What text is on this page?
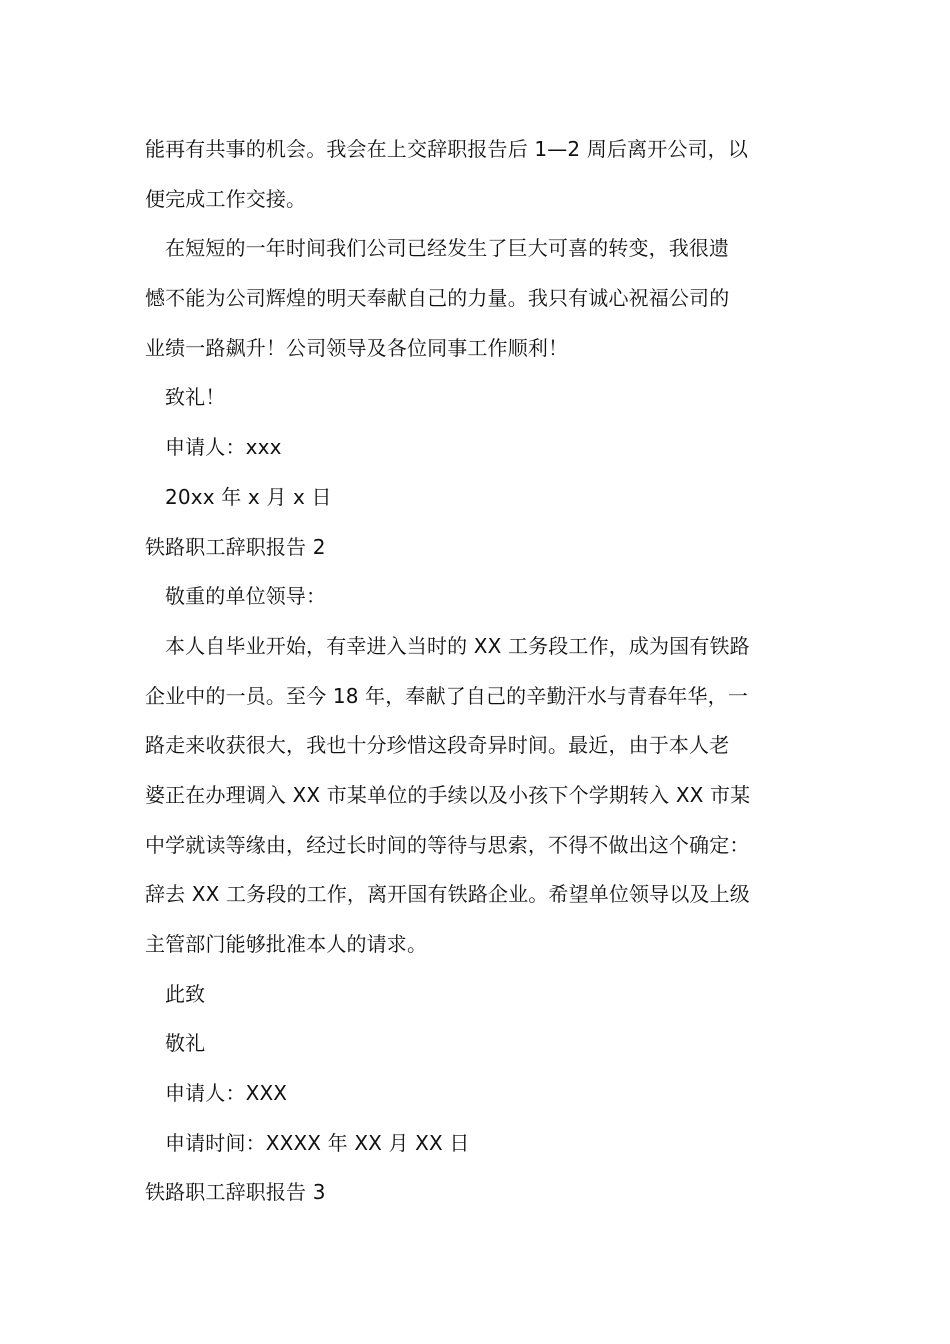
能再有共事的机会。我会在上交辞职报告后 1—2 周后离开公司，以
便完成工作交接。
在短短的一年时间我们公司已经发生了巨大可喜的转变，我很遗
憾不能为公司辉煌的明天奉献自己的力量。我只有诚心祝福公司的
业绩一路飙升！公司领导及各位同事工作顺利！
致礼！
申请人：xxx
20xx 年 x 月 x 日
铁路职工辞职报告 2
敬重的单位领导：
本人自毕业开始，有幸进入当时的 XX 工务段工作，成为国有铁路
企业中的一员。至今 18 年，奉献了自己的辛勤汗水与青春年华，一
路走来收获很大，我也十分珍惜这段奇异时间。最近，由于本人老
婆正在办理调入 XX 市某单位的手续以及小孩下个学期转入 XX 市某
中学就读等缘由，经过长时间的等待与思索，不得不做出这个确定：
辞去 XX 工务段的工作，离开国有铁路企业。希望单位领导以及上级
主管部门能够批准本人的请求。
此致
敬礼
申请人：XXX
申请时间：XXXX 年 XX 月 XX 日
铁路职工辞职报告 3
